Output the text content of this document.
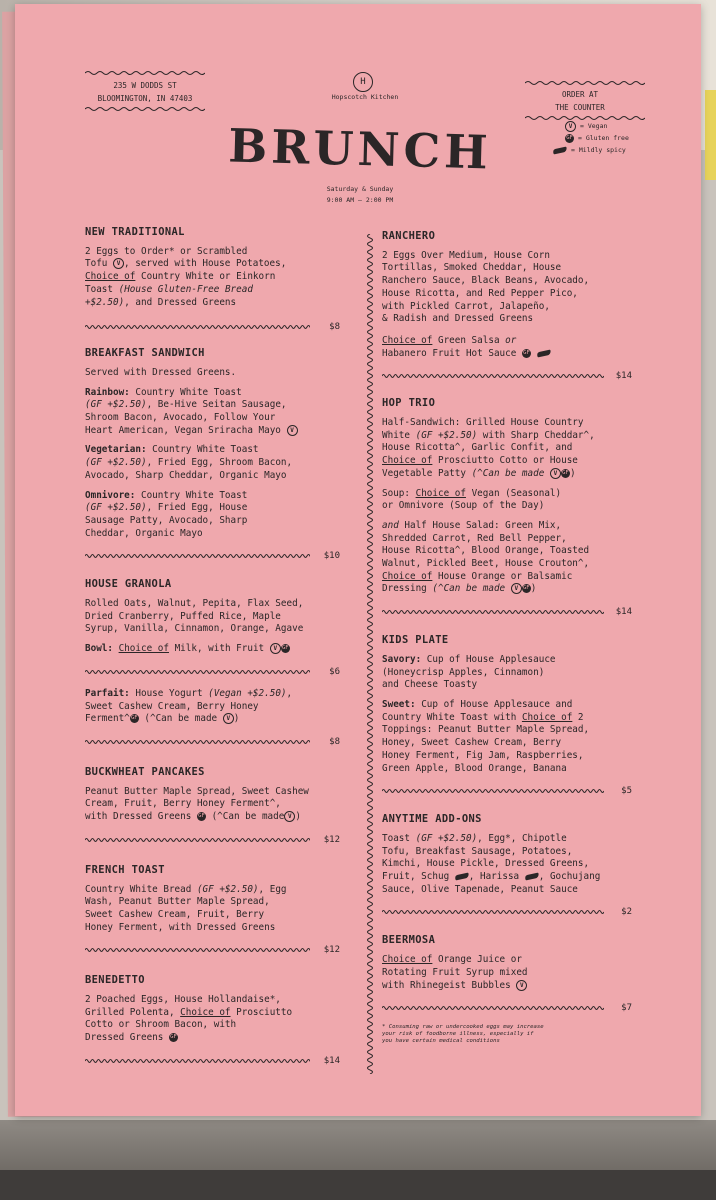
235 W DODDS ST
BLOOMINGTON, IN 47403
H
Hopscotch Kitchen	ORDER AT
THE COUNTER
V	= Vegan
GF = Gluten free
= Mildly spicy
BRUNCH
Saturday & Sunday
9:00 AM – 2:00 PM
NEW TRADITIONAL
2 Eggs to Order* or Scrambled
Tofu V , served with House Potatoes,
Choice of Country White or Einkorn
Toast (House Gluten-Free Bread
+$2.50), and Dressed Greens
$8
BREAKFAST SANDWICH
Served with Dressed Greens.
Rainbow: Country White Toast
(GF +$2.50), Be-Hive Seitan Sausage,
Shroom Bacon, Avocado, Follow Your
Heart American, Vegan Sriracha Mayo V
Vegetarian: Country White Toast
(GF +$2.50), Fried Egg, Shroom Bacon,
Avocado, Sharp Cheddar, Organic Mayo
Omnivore: Country White Toast
(GF +$2.50), Fried Egg, House
Sausage Patty, Avocado, Sharp
Cheddar, Organic Mayo
$10
HOUSE GRANOLA
Rolled Oats, Walnut, Pepita, Flax Seed,
Dried Cranberry, Puffed Rice, Maple
Syrup, Vanilla, Cinnamon, Orange, Agave
Bowl: Choice of Milk, with Fruit V GF
$6
Parfait: House Yogurt (Vegan +$2.50),
Sweet Cashew Cream, Berry Honey
Ferment^GF (^Can be made V )
$8
BUCKWHEAT PANCAKES
Peanut Butter Maple Spread, Sweet Cashew
Cream, Fruit, Berry Honey Ferment^,
with Dressed Greens GF (^Can be made V )
$12
FRENCH TOAST
Country White Bread (GF +$2.50), Egg
Wash, Peanut Butter Maple Spread,
Sweet Cashew Cream, Fruit, Berry
Honey Ferment, with Dressed Greens
$12
BENEDETTO
2 Poached Eggs, House Hollandaise*,
Grilled Polenta, Choice of Prosciutto
Cotto or Shroom Bacon, with
Dressed Greens GF
$14
RANCHERO
2 Eggs Over Medium, House Corn
Tortillas, Smoked Cheddar, House
Ranchero Sauce, Black Beans, Avocado,
House Ricotta, and Red Pepper Pico,
with Pickled Carrot, Jalapeño,
& Radish and Dressed Greens
Choice of Green Salsa or
Habanero Fruit Hot Sauce GF
$14
HOP TRIO
Half-Sandwich: Grilled House Country
White (GF +$2.50) with Sharp Cheddar^,
House Ricotta^, Garlic Confit, and
Choice of Prosciutto Cotto or House
Vegetable Patty (^Can be made V GF)
Soup: Choice of Vegan (Seasonal)
or Omnivore (Soup of the Day)
and Half House Salad: Green Mix,
Shredded Carrot, Red Bell Pepper,
House Ricotta^, Blood Orange, Toasted
Walnut, Pickled Beet, House Crouton^,
Choice of House Orange or Balsamic
Dressing (^Can be made V GF)
$14
KIDS PLATE
Savory: Cup of House Applesauce
(Honeycrisp Apples, Cinnamon)
and Cheese Toasty
Sweet: Cup of House Applesauce and
Country White Toast with Choice of 2
Toppings: Peanut Butter Maple Spread,
Honey, Sweet Cashew Cream, Berry
Honey Ferment, Fig Jam, Raspberries,
Green Apple, Blood Orange, Banana
$5
ANYTIME ADD-ONS
Toast (GF +$2.50), Egg*, Chipotle
Tofu, Breakfast Sausage, Potatoes,
Kimchi, House Pickle, Dressed Greens,
Fruit, Schug , Harissa , Gochujang
Sauce, Olive Tapenade, Peanut Sauce
$2
BEERMOSA
Choice of Orange Juice or
Rotating Fruit Syrup mixed
with Rhinegeist Bubbles V
$7
* Consuming raw or undercooked eggs may increase
your risk of foodborne illness, especially if
you have certain medical conditions
